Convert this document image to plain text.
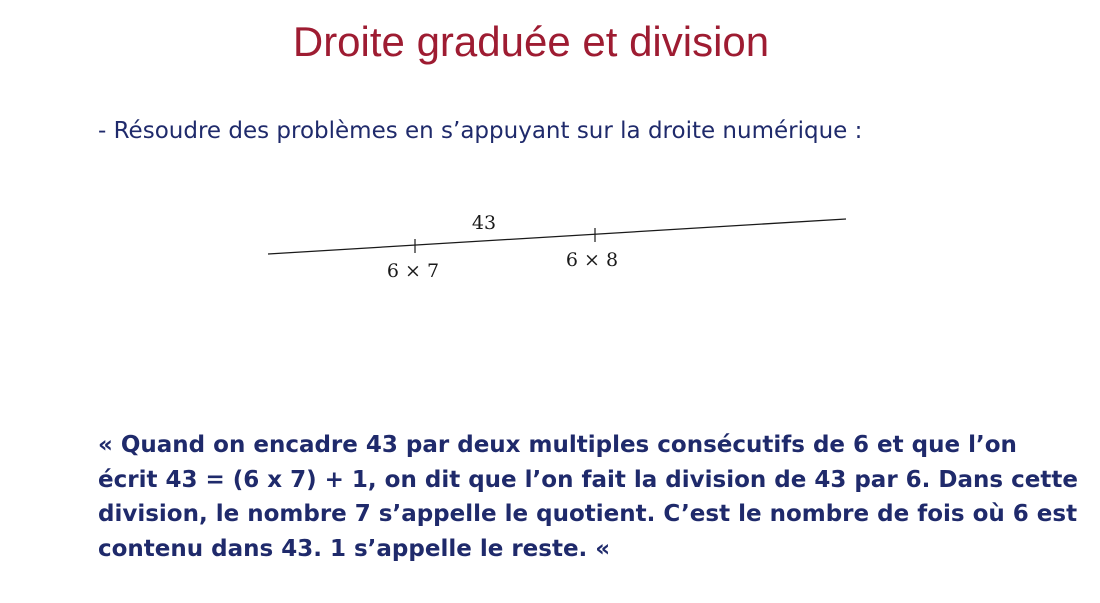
Droite graduée et division
- Résoudre des problèmes en s’appuyant sur la droite numérique :
43
6 × 7	6 × 8

« Quand on encadre 43 par deux multiples consécutifs de 6 et que l’on écrit 43 = (6 x 7) + 1, on dit que l’on fait la division de 43 par 6. Dans cette division, le nombre 7 s’appelle le quotient. C’est le nombre de fois où 6 est contenu dans 43. 1 s’appelle le reste. «
